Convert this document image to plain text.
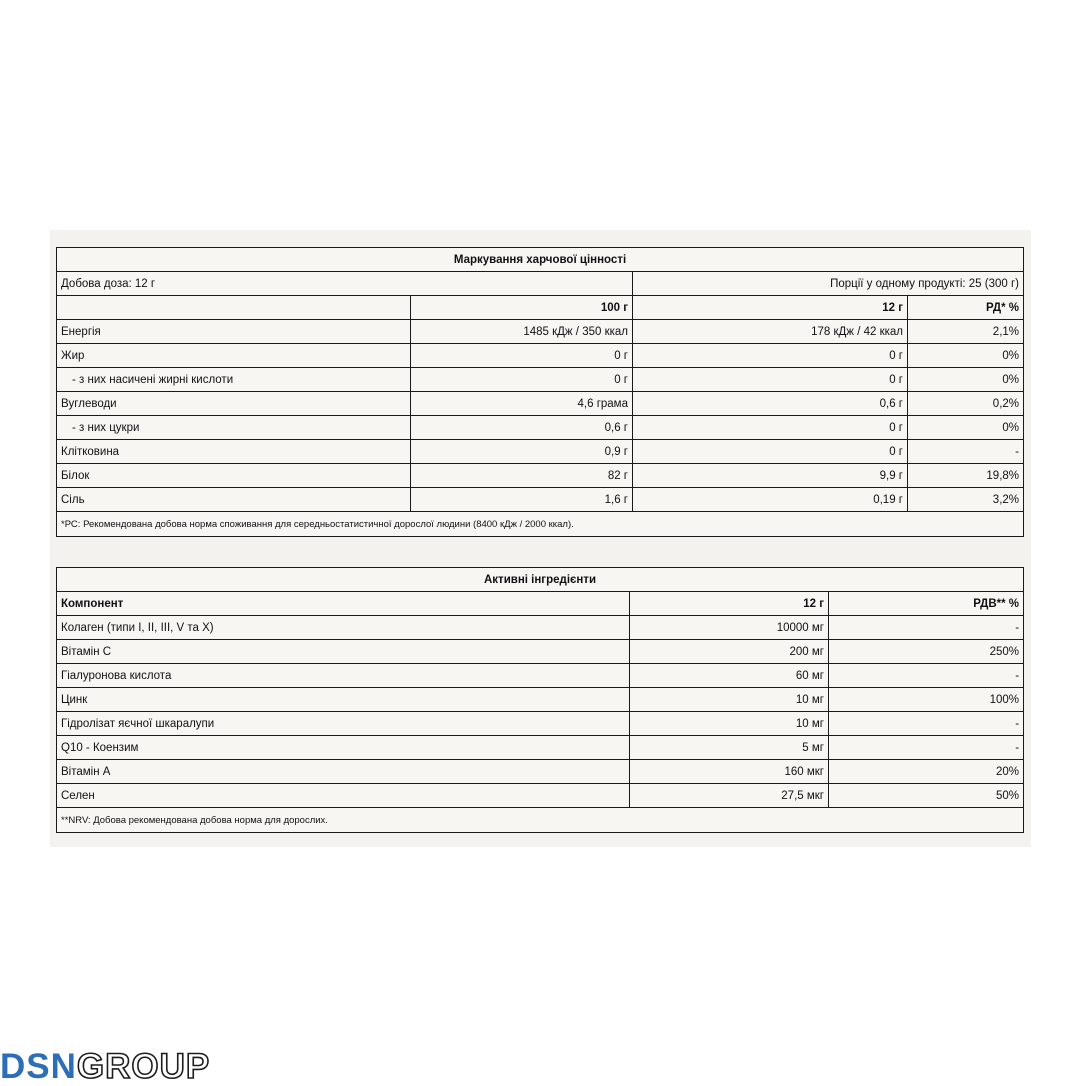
Маркування харчової цінності			
Добова доза: 12 г		Порції у одному продукті: 25 (300 г)	
	100 г	12 г	РД* %
Енергія	1485 кДж / 350 ккал	178 кДж / 42 ккал	2,1%
Жир	0 г	0 г	0%
- з них насичені жирні кислоти	0 г	0 г	0%
Вуглеводи	4,6 грама	0,6 г	0,2%
- з них цукри	0,6 г	0 г	0%
Клітковина	0,9 г	0 г	-
Білок	82 г	9,9 г	19,8%
Сіль	1,6 г	0,19 г	3,2%
*РС: Рекомендована добова норма споживання для середньостатистичної дорослої людини (8400 кДж / 2000 ккал).			
Активні інгредієнти		
Компонент	12 г	РДВ** %
Колаген (типи I, II, III, V та X)	10000 мг	-
Вітамін С	200 мг	250%
Гіалуронова кислота	60 мг	-
Цинк	10 мг	100%
Гідролізат яєчної шкаралупи	10 мг	-
Q10 - Коензим	5 мг	-
Вітамін А	160 мкг	20%
Селен	27,5 мкг	50%
**NRV: Добова рекомендована добова норма для дорослих.		
DSN GROUP
